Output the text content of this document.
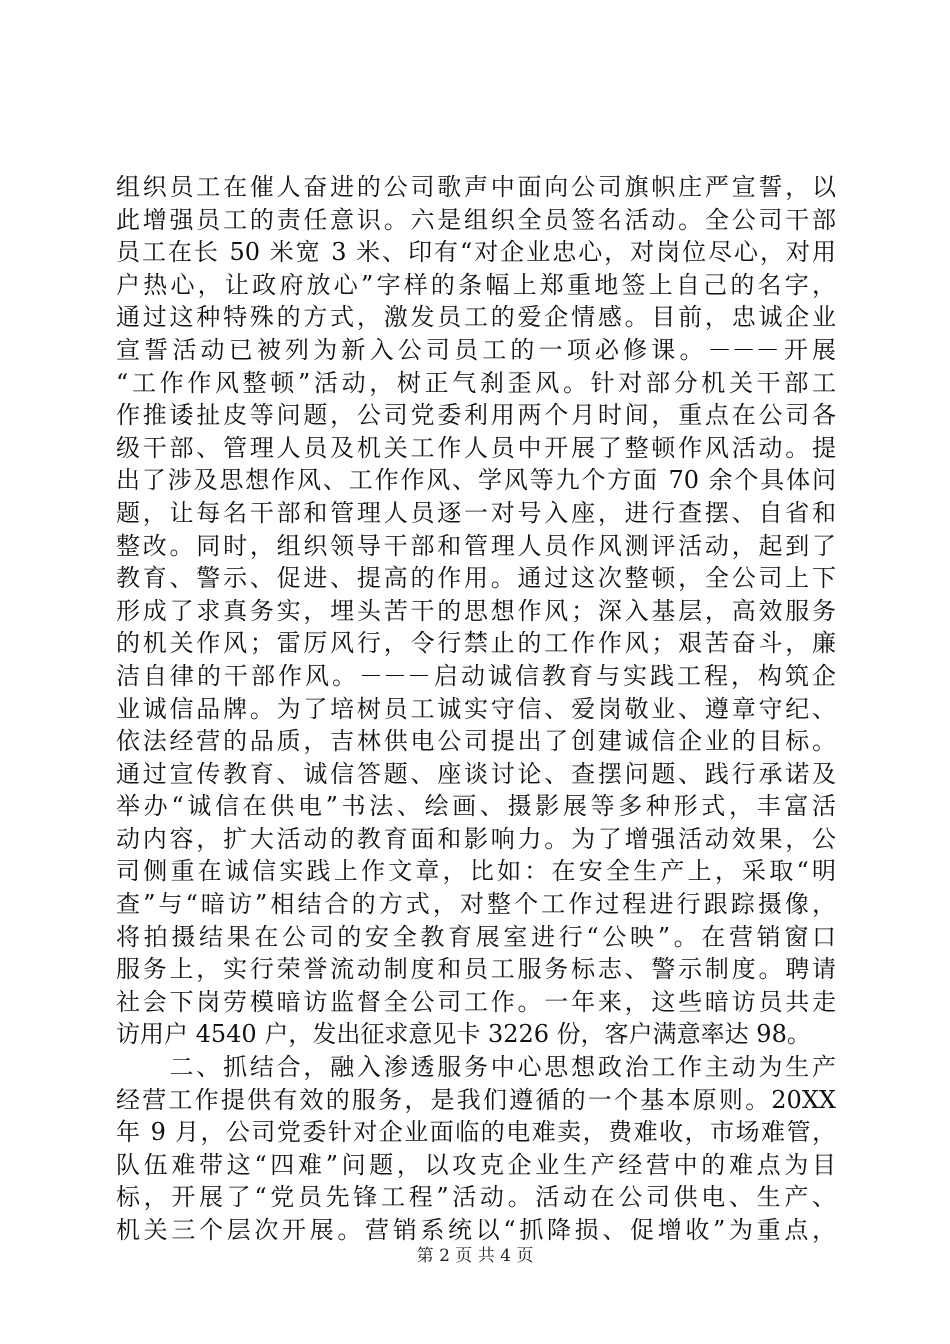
组织员工在催人奋进的公司歌声中面向公司旗帜庄严宣誓，以
此增强员工的责任意识。六是组织全员签名活动。全公司干部
员工在长 50 米宽 3 米、印有“对企业忠心，对岗位尽心，对用
户热心，让政府放心”字样的条幅上郑重地签上自己的名字，
通过这种特殊的方式，激发员工的爱企情感。目前，忠诚企业
宣誓活动已被列为新入公司员工的一项必修课。－－－开展
“工作作风整顿”活动，树正气刹歪风。针对部分机关干部工
作推诿扯皮等问题，公司党委利用两个月时间，重点在公司各
级干部、管理人员及机关工作人员中开展了整顿作风活动。提
出了涉及思想作风、工作作风、学风等九个方面 70 余个具体问
题，让每名干部和管理人员逐一对号入座，进行查摆、自省和
整改。同时，组织领导干部和管理人员作风测评活动，起到了
教育、警示、促进、提高的作用。通过这次整顿，全公司上下
形成了求真务实，埋头苦干的思想作风；深入基层，高效服务
的机关作风；雷厉风行，令行禁止的工作作风；艰苦奋斗，廉
洁自律的干部作风。－－－启动诚信教育与实践工程，构筑企
业诚信品牌。为了培树员工诚实守信、爱岗敬业、遵章守纪、
依法经营的品质，吉林供电公司提出了创建诚信企业的目标。
通过宣传教育、诚信答题、座谈讨论、查摆问题、践行承诺及
举办“诚信在供电”书法、绘画、摄影展等多种形式，丰富活
动内容，扩大活动的教育面和影响力。为了增强活动效果，公
司侧重在诚信实践上作文章，比如：在安全生产上，采取“明
查”与“暗访”相结合的方式，对整个工作过程进行跟踪摄像，
将拍摄结果在公司的安全教育展室进行“公映”。在营销窗口
服务上，实行荣誉流动制度和员工服务标志、警示制度。聘请
社会下岗劳模暗访监督全公司工作。一年来，这些暗访员共走
访用户 4540 户，发出征求意见卡 3226 份，客户满意率达 98。
　　二、抓结合，融入渗透服务中心思想政治工作主动为生产
经营工作提供有效的服务，是我们遵循的一个基本原则。20XX
年 9 月，公司党委针对企业面临的电难卖，费难收，市场难管，
队伍难带这“四难”问题，以攻克企业生产经营中的难点为目
标，开展了“党员先锋工程”活动。活动在公司供电、生产、
机关三个层次开展。营销系统以“抓降损、促增收”为重点，
第 2 页 共 4 页
